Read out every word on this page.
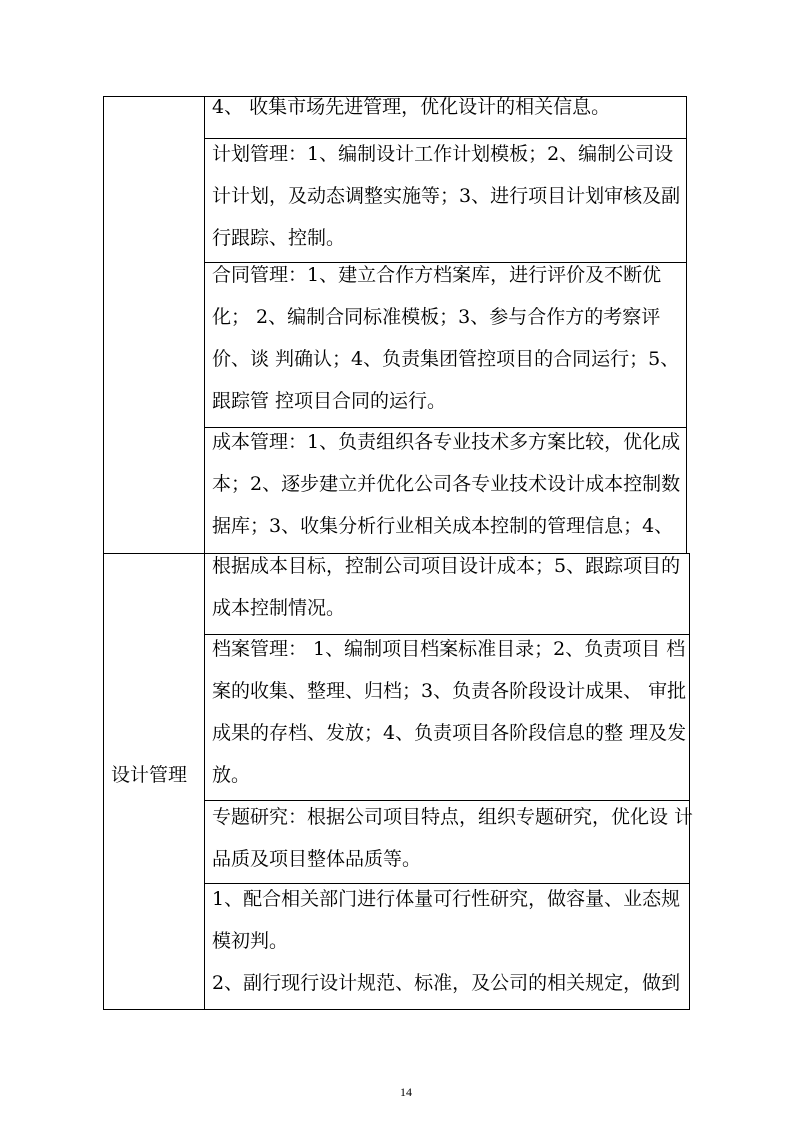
4、 收集市场先进管理，优化设计的相关信息。
计划管理：1、编制设计工作计划模板；2、编制公司设
计计划，及动态调整实施等；3、进行项目计划审核及副
行跟踪、控制。
合同管理：1、建立合作方档案库，进行评价及不断优
化； 2、编制合同标准模板；3、参与合作方的考察评
价、谈 判确认；4、负责集团管控项目的合同运行；5、
跟踪管 控项目合同的运行。
成本管理：1、负责组织各专业技术多方案比较，优化成
本；2、逐步建立并优化公司各专业技术设计成本控制数
据库；3、收集分析行业相关成本控制的管理信息；4、
设计管理
根据成本目标，控制公司项目设计成本；5、跟踪项目的
成本控制情况。
档案管理： 1、编制项目档案标准目录；2、负责项目 档
案的收集、整理、归档；3、负责各阶段设计成果、 审批
成果的存档、发放；4、负责项目各阶段信息的整 理及发
放。
专题研究：根据公司项目特点，组织专题研究，优化设 计
品质及项目整体品质等。
1、配合相关部门进行体量可行性研究，做容量、业态规
模初判。
2、副行现行设计规范、标准，及公司的相关规定，做到
14
